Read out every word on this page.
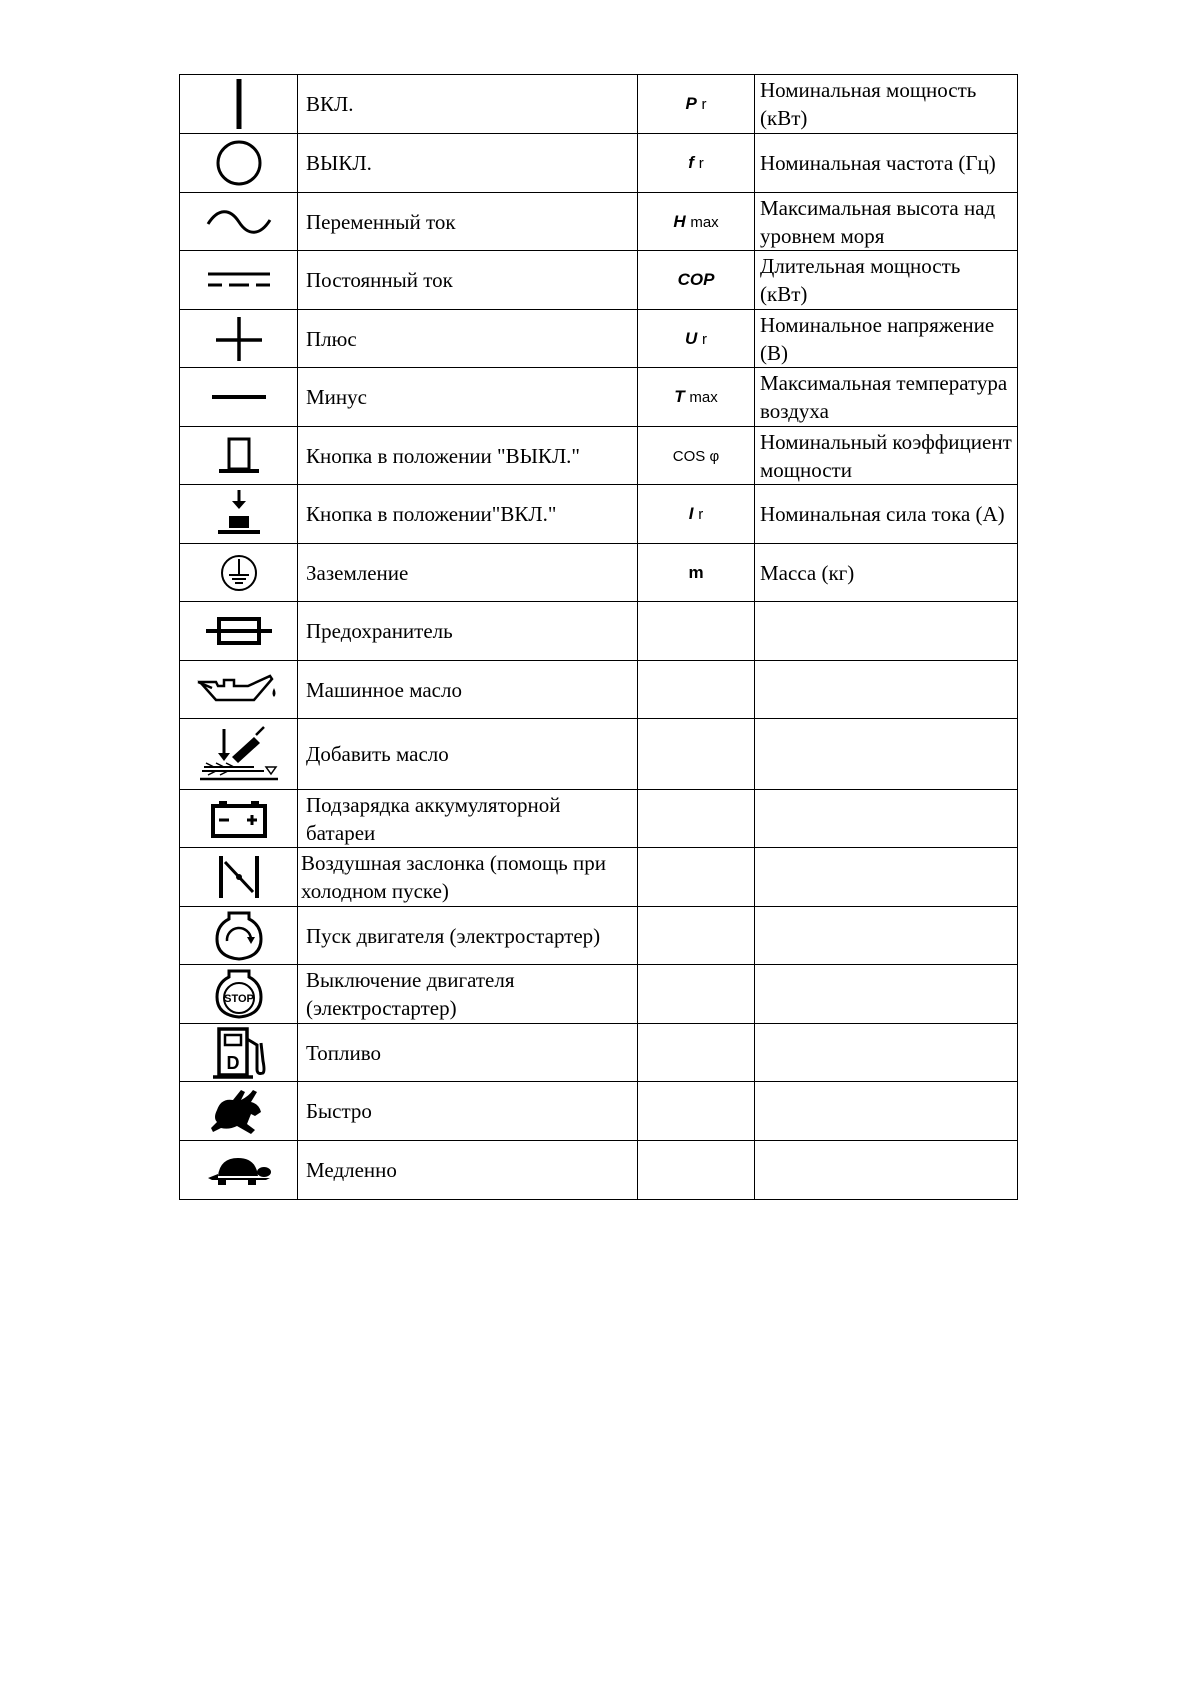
ВКЛ.	P r	Номинальная мощность (кВт)

ВЫКЛ.	f r	Номинальная частота (Гц)

Переменный ток	H max	Максимальная высота над уровнем моря

Постоянный ток	COP	Длительная мощность (кВт)

Плюс	U r	Номинальное напряжение (В)

Минус	T max	Максимальная температура воздуха

Кнопка в положении "ВЫКЛ."	COS φ	Номинальный коэффициент мощности

Кнопка в положении"ВКЛ."	I r	Номинальная сила тока (А)

Заземление	m	Масса (кг)

Предохранитель		

Машинное масло		

Добавить масло		

Подзарядка аккумуляторной батареи		

Воздушная заслонка (помощь при холодном пуске)		

Пуск двигателя (электростартер)		

STOP	Выключение двигателя (электростартер)		

D	Топливо		

Быстро		

Медленно		
